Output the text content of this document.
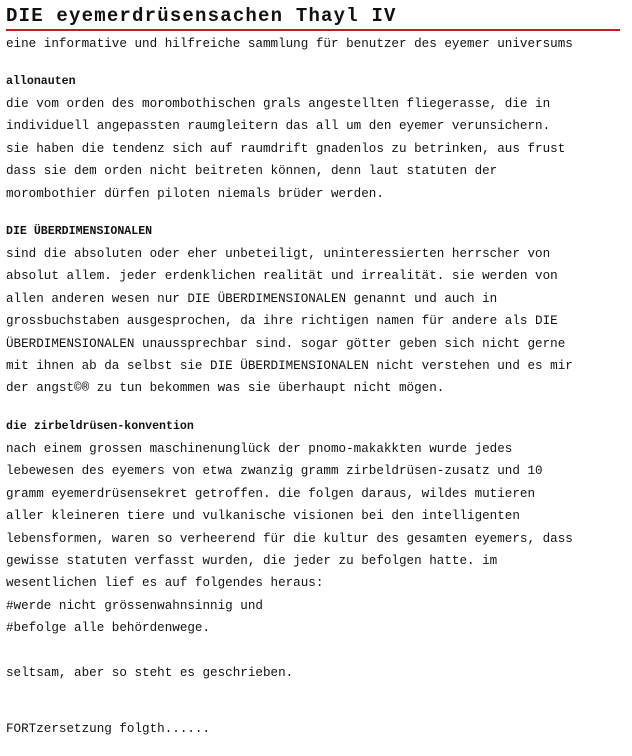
DIE eyemerdrüsensachen Thayl IV
eine informative und hilfreiche sammlung für benutzer des eyemer universums
allonauten
die vom orden des morombothischen grals angestellten fliegerasse, die in
individuell angepassten raumgleitern das all um den eyemer verunsichern.
sie haben die tendenz sich auf raumdrift gnadenlos zu betrinken, aus frust
dass sie dem orden nicht beitreten können, denn laut statuten der
morombothier dürfen piloten niemals brüder werden.
DIE ÜBERDIMENSIONALEN
sind die absoluten oder eher unbeteiligt, uninteressierten herrscher von
absolut allem. jeder erdenklichen realität und irrealität. sie werden von
allen anderen wesen nur DIE ÜBERDIMENSIONALEN genannt und auch in
grossbuchstaben ausgesprochen, da ihre richtigen namen für andere als DIE
ÜBERDIMENSIONALEN unaussprechbar sind. sogar götter geben sich nicht gerne
mit ihnen ab da selbst sie DIE ÜBERDIMENSIONALEN nicht verstehen und es mir
der angst©® zu tun bekommen was sie überhaupt nicht mögen.
die zirbeldrüsen-konvention
nach einem grossen maschinenunglück der pnomo-makakkten wurde jedes
lebewesen des eyemers von etwa zwanzig gramm zirbeldrüsen-zusatz und 10
gramm eyemerdrüsensekret getroffen. die folgen daraus, wildes mutieren
aller kleineren tiere und vulkanische visionen bei den intelligenten
lebensformen, waren so verheerend für die kultur des gesamten eyemers, dass
gewisse statuten verfasst wurden, die jeder zu befolgen hatte. im
wesentlichen lief es auf folgendes heraus:
#werde nicht grössenwahnsinnig und
#befolge alle behördenwege.
seltsam, aber so steht es geschrieben.
FORTzersetzung folgth......
